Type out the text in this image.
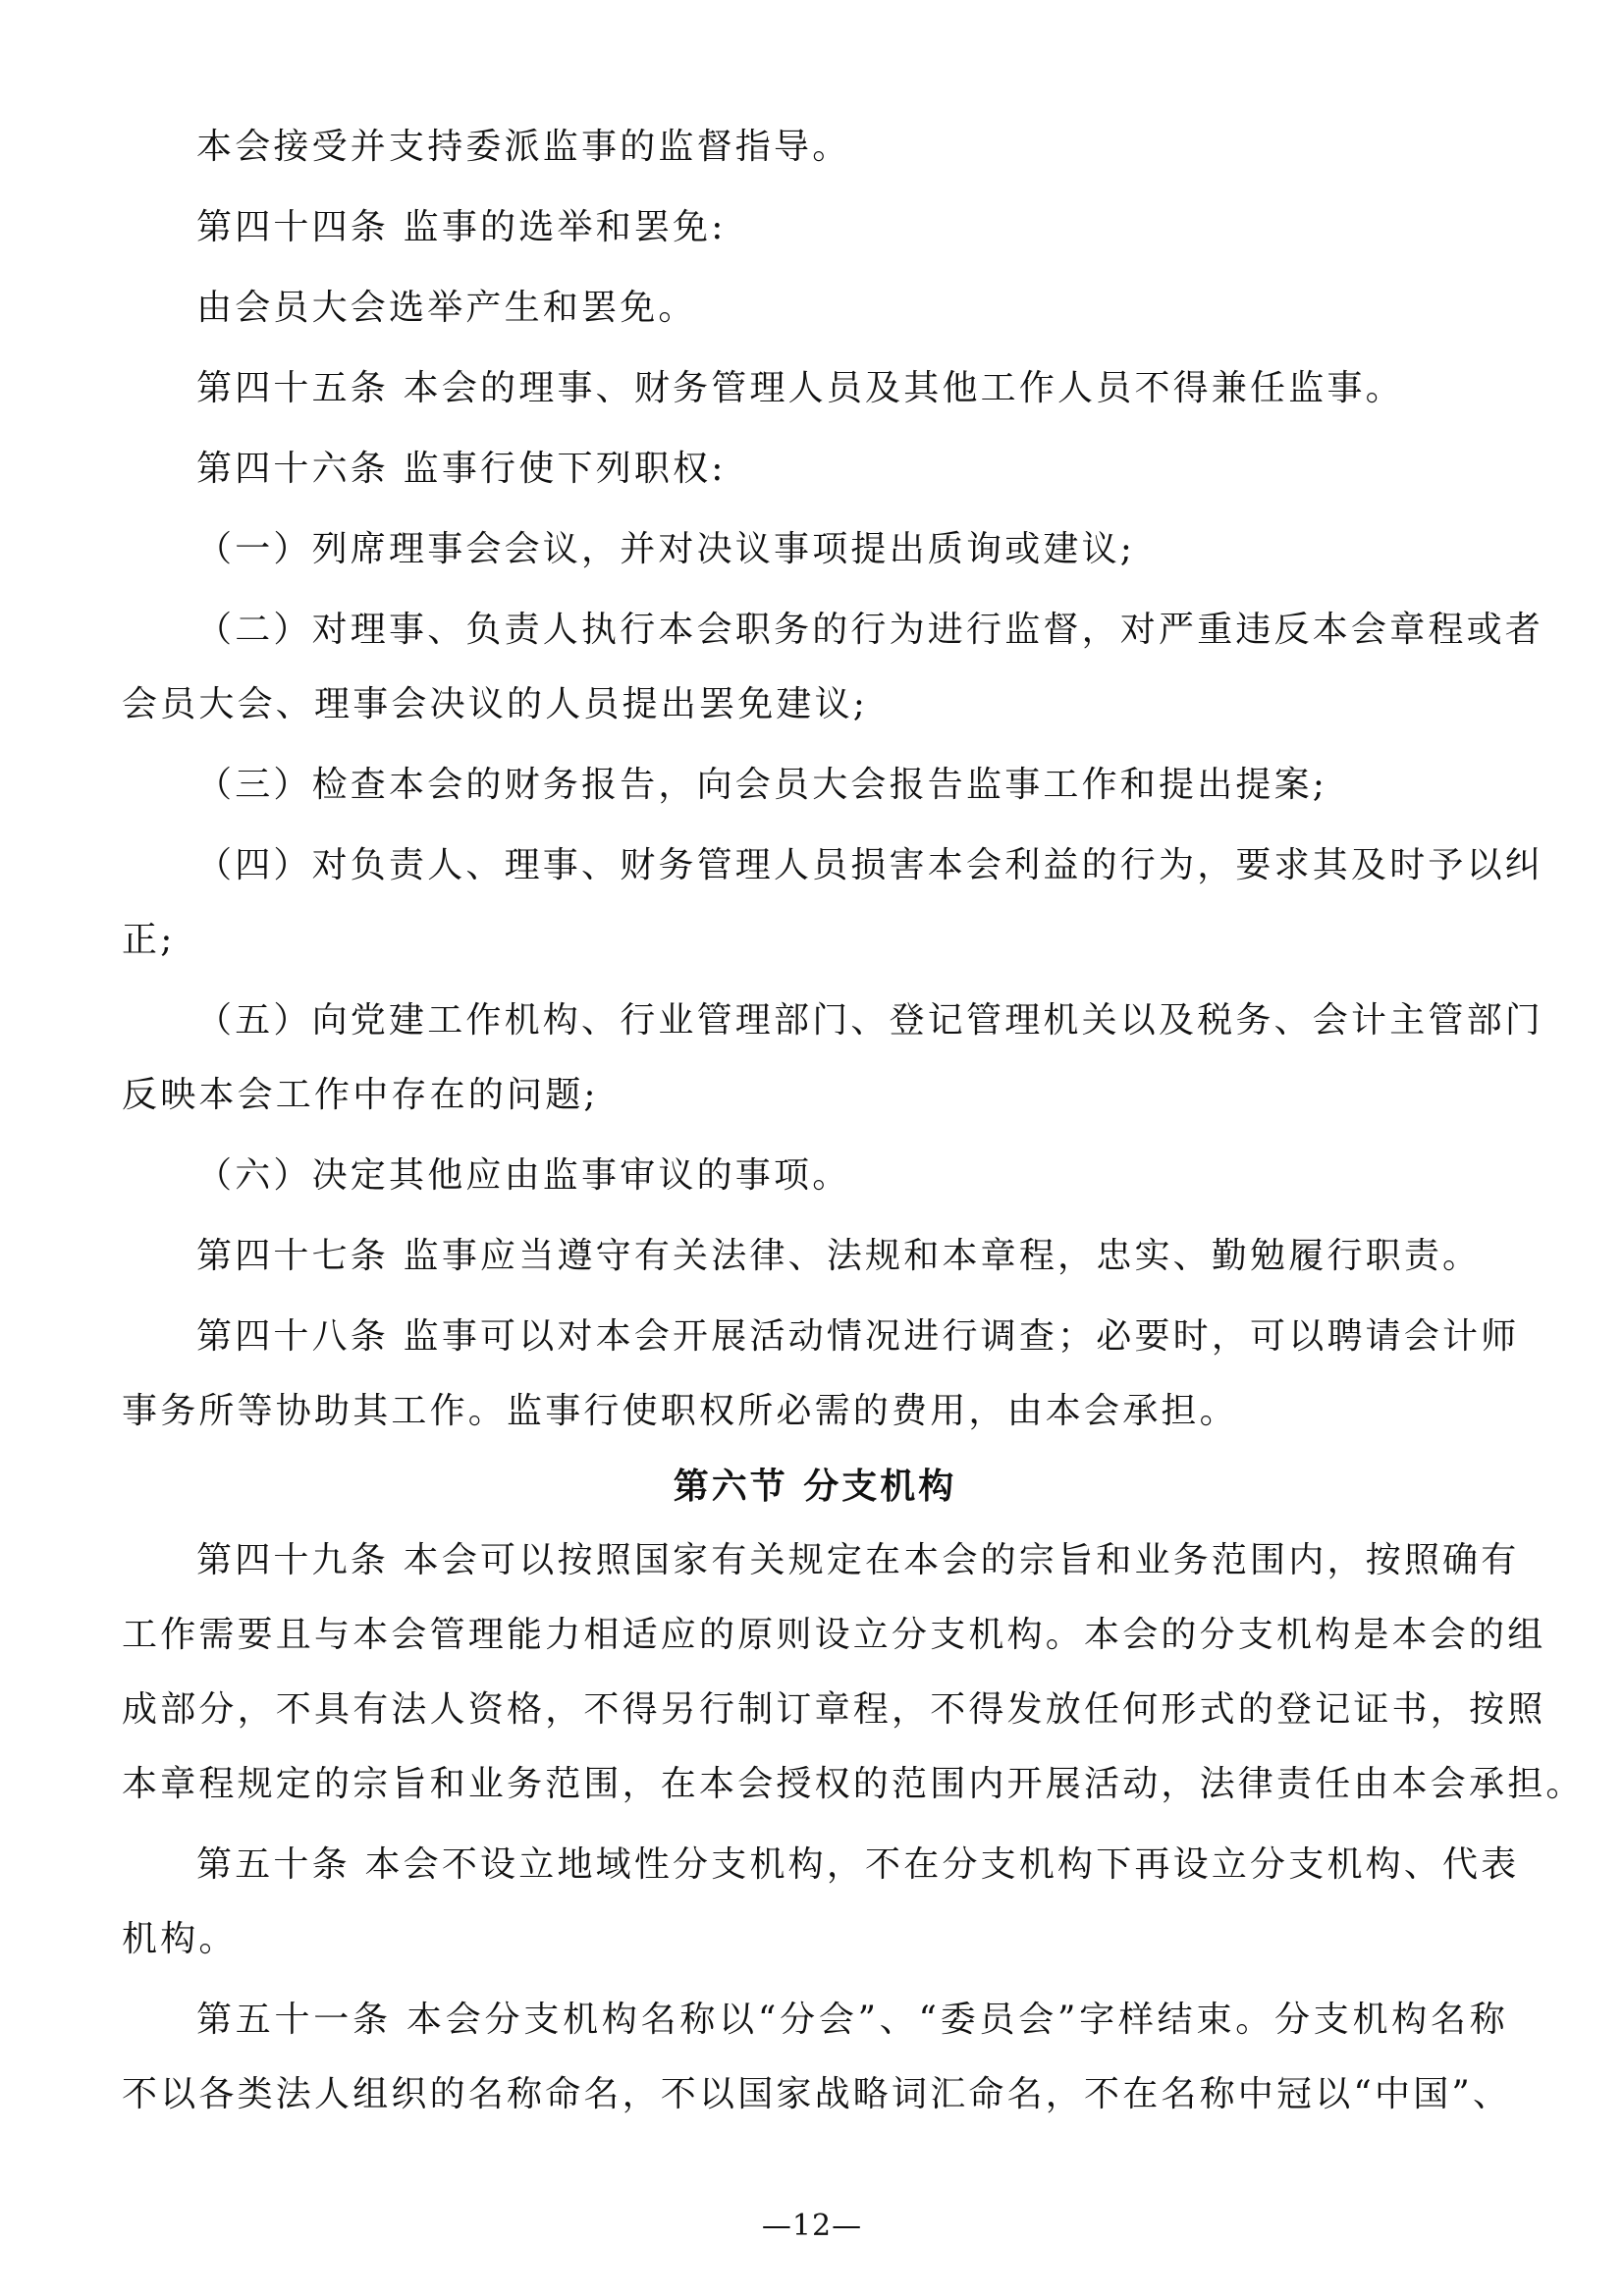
本会接受并支持委派监事的监督指导。
第四十四条 监事的选举和罢免:
由会员大会选举产生和罢免。
第四十五条 本会的理事、财务管理人员及其他工作人员不得兼任监事。
第四十六条 监事行使下列职权:
（一）列席理事会会议，并对决议事项提出质询或建议;
（二）对理事、负责人执行本会职务的行为进行监督，对严重违反本会章程或者
会员大会、理事会决议的人员提出罢免建议;
（三）检查本会的财务报告，向会员大会报告监事工作和提出提案;
（四）对负责人、理事、财务管理人员损害本会利益的行为，要求其及时予以纠
正;
（五）向党建工作机构、行业管理部门、登记管理机关以及税务、会计主管部门
反映本会工作中存在的问题;
（六）决定其他应由监事审议的事项。
第四十七条 监事应当遵守有关法律、法规和本章程，忠实、勤勉履行职责。
第四十八条 监事可以对本会开展活动情况进行调查；必要时，可以聘请会计师
事务所等协助其工作。监事行使职权所必需的费用，由本会承担。
第六节 分支机构
第四十九条 本会可以按照国家有关规定在本会的宗旨和业务范围内，按照确有
工作需要且与本会管理能力相适应的原则设立分支机构。本会的分支机构是本会的组
成部分，不具有法人资格，不得另行制订章程，不得发放任何形式的登记证书，按照
本章程规定的宗旨和业务范围，在本会授权的范围内开展活动，法律责任由本会承担。
第五十条 本会不设立地域性分支机构，不在分支机构下再设立分支机构、代表
机构。
第五十一条 本会分支机构名称以“分会”、“委员会”字样结束。分支机构名称
不以各类法人组织的名称命名，不以国家战略词汇命名，不在名称中冠以“中国”、
—12—
